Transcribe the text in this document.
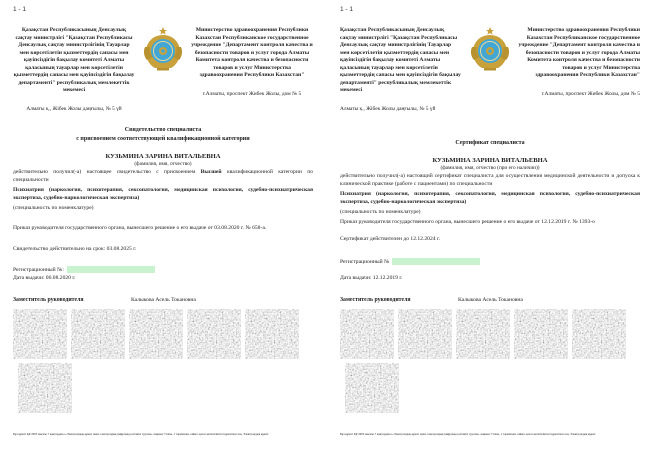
1 - 1
Қазақстан Республикасының Денсаулық сақтау министрлігі "Қазақстан Республикасы Денсаулық сақтау министрлігінің Тауарлар мен көрсетілетін қызметтердің сапасы мен қауіпсіздігін бақылау комитеті Алматы қаласының тауарлар мен көрсетілетін қызметтердің сапасы мен қауіпсіздігін бақылау департаменті" республикалық мемлекеттік мекемесі
Алматы қ., Жібек Жолы даңғылы, № 5 үй
Министерство здравоохранения Республики Казахстан Республиканское государственное учреждение "Департамент контроля качества и безопасности товаров и услуг города Алматы Комитета контроля качества и безопасности товаров и услуг Министерства здравоохранения Республики Казахстан"
г.Алматы, проспект Жибек Жолы, дом № 5
Свидетельство специалиста
с присвоением соответствующей квалификационной категории
КУЗЬМИНА ЗАРИНА ВИТАЛЬЕВНА
(фамилия, имя, отчество)
действительно получил(-а) настоящее свидетельство с присвоением Высшей квалификационной категории по специальности
Психиатрия (наркология, психотерапия, сексопатология, медицинская психология, судебно-психиатрическая экспертиза, судебно-наркологическая экспертиза)
(специальность по номенклатуре)
Приказ руководителя государственного органа, вынесшего решение о его выдаче от 03.08.2020 г. № 658-а.
Свидетельство действительно на срок: 03.08.2025 г.
Регистрационный №:
Дата выдачи: 06.08.2020 г.
Заместитель руководителя	Калыкова Асель Токановна
Бұл құжат ҚР 2003 жылғы 7 қаңтардағы «Электрондық құжат және электрондық цифрлық қолтаңба туралы» заңның 7 бабы, 1 тармағына сәйкес қағаз жеткізгіштегі құжатпен тең. Электрондық құжат
1 - 1
Қазақстан Республикасының Денсаулық сақтау министрлігі "Қазақстан Республикасы Денсаулық сақтау министрлігінің Тауарлар мен көрсетілетін қызметтердің сапасы мен қауіпсіздігін бақылау комитеті Алматы қаласының тауарлар мен көрсетілетін қызметтердің сапасы мен қауіпсіздігін бақылау департаменті" республикалық мемлекеттік мекемесі
Алматы қ., Жібек Жолы даңғылы, № 5 үй
Министерство здравоохранения Республики Казахстан Республиканское государственное учреждение "Департамент контроля качества и безопасности товаров и услуг города Алматы Комитета контроля качества и безопасности товаров и услуг Министерства здравоохранения Республики Казахстан"
г.Алматы, проспект Жибек Жолы, дом № 5
Сертификат специалиста
КУЗЬМИНА ЗАРИНА ВИТАЛЬЕВНА
(фамилия, имя, отчество (при его наличии))
действительно получил(-а) настоящий сертификат специалиста для осуществления медицинской деятельности и допуска к клинической практике (работе с пациентами) по специальности
Психиатрия (наркология, психотерапия, сексопатология, медицинская психология, судебно-психиатрическая экспертиза, судебно-наркологическая экспертиза)
(специальность по номенклатуре)
Приказ руководителя государственного органа, вынесшего решение о его выдаче от 12.12.2019 г. № 1393-о
Сертификат действителен до 12.12.2024 г.
Регистрационный №
Дата выдачи: 12.12.2019 г.
Заместитель руководителя	Калыкова Асель Токановна
Бұл құжат ҚР 2003 жылғы 7 қаңтардағы «Электрондық құжат және электрондық цифрлық қолтаңба туралы» заңның 7 бабы, 1 тармағына сәйкес қағаз жеткізгіштегі құжатпен тең. Электрондық құжат
